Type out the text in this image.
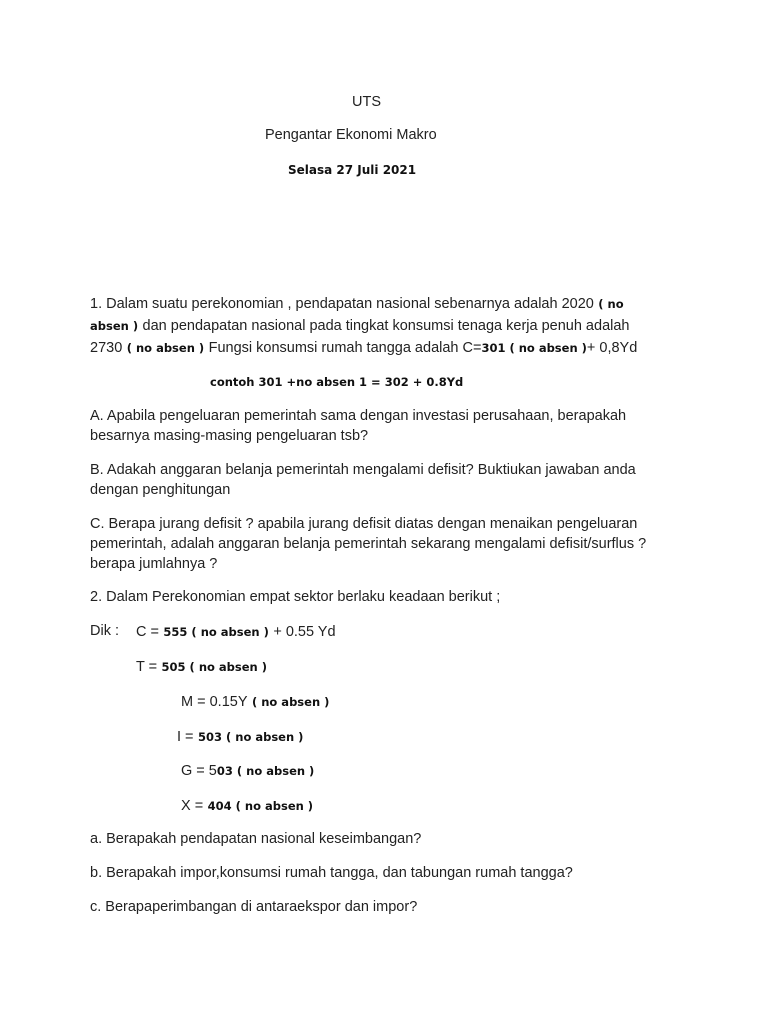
UTS
Pengantar Ekonomi Makro
Selasa 27 Juli 2021
1. Dalam suatu perekonomian , pendapatan nasional sebenarnya adalah 2020 ( no
absen ) dan pendapatan nasional pada tingkat konsumsi tenaga kerja penuh adalah
2730 ( no absen ) Fungsi konsumsi rumah tangga adalah C=301 ( no absen )+ 0,8Yd
contoh 301 +no absen 1 = 302 + 0.8Yd
A. Apabila pengeluaran pemerintah sama dengan investasi perusahaan, berapakah
besarnya masing-masing pengeluaran tsb?
B. Adakah anggaran belanja pemerintah mengalami defisit? Buktiukan jawaban anda
dengan penghitungan
C. Berapa jurang defisit ? apabila jurang defisit diatas dengan menaikan pengeluaran
pemerintah, adalah anggaran belanja pemerintah sekarang mengalami defisit/surflus ?
berapa jumlahnya ?
2. Dalam Perekonomian empat sektor berlaku keadaan berikut ;
Dik : C = 555 ( no absen ) + 0.55 Yd
T = 505 ( no absen )
M = 0.15Y ( no absen )
I = 503 ( no absen )
G = 503 ( no absen )
X = 404 ( no absen )
a. Berapakah pendapatan nasional keseimbangan?
b. Berapakah impor,konsumsi rumah tangga, dan tabungan rumah tangga?
c. Berapaperimbangan di antaraekspor dan impor?
